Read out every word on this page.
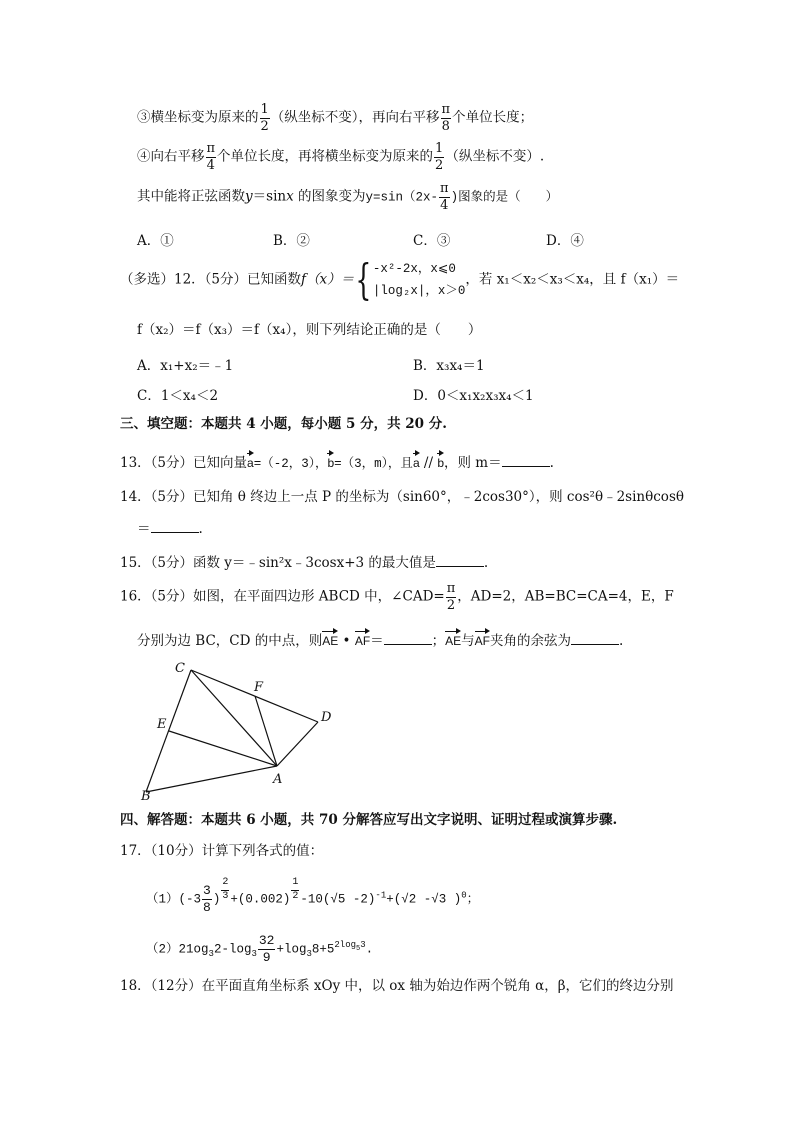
③横坐标变为原来的 $\frac{1}{2}$ （纵坐标不变），再向右平移 $\frac{\pi}{8}$ 个单位长度；
④向右平移 $\frac{\pi}{4}$ 个单位长度，再将横坐标变为原来的 $\frac{1}{2}$ （纵坐标不变）.
其中能将正弦函数y＝sinx 的图象变为$y=\sin(2x- \frac{\pi}{4}$ )图象的是（　　）
A．①	B．②	C．③	D．④
（多选）12．（5分）已知函数f（x）＝{ -x²-2x，x⩽0
|log₂x|，x＞0
，若 x₁＜x₂＜x₃＜x₄，且 f（x₁）＝
f（x₂）＝f（x₃）＝f（x₄），则下列结论正确的是（　　）
A．x₁+x₂＝﹣1	B．x₃x₄＝1
C．1＜x₄＜2	D．0＜x₁x₂x₃x₄＜1
三、填空题：本题共 4 小题，每小题 5 分，共 20 分.
13．（5分）已知向量a=（-2，3），b=（3，m），且a // b，则 m＝	.
14．（5分）已知角 θ 终边上一点 P 的坐标为（sin60°，﹣2cos30°），则 cos²θ﹣2sinθcosθ
＝	.
15．（5分）函数 y＝﹣sin²x﹣3cosx+3 的最大值是	.
16．（5分）如图，在平面四边形 ABCD 中，∠CAD= $\frac{\pi}{2}$ ，AD=2，AB=BC=CA=4，E，F
分别为边 BC，CD 的中点，则AE • AF＝	；AE与AF夹角的余弦为	.
C
F
D
E
A
B
四、解答题：本题共 6 小题，共 70 分解答应写出文字说明、证明过程或演算步骤.
17．（10分）计算下列各式的值：
$(1)(-3 \frac{3}{8}$ ) $\frac{2}{3} +(0.002) \frac{1}{2} -10(√5$ -2)$^{-1}$+(√2 -√3 )$^0$；
$(2)21og_32-\log_3 \frac{32}{9} +\log_38+5^{2log_53}$.
18．（12分）在平面直角坐标系 xOy 中，以 ox 轴为始边作两个锐角 α，β，它们的终边分别
